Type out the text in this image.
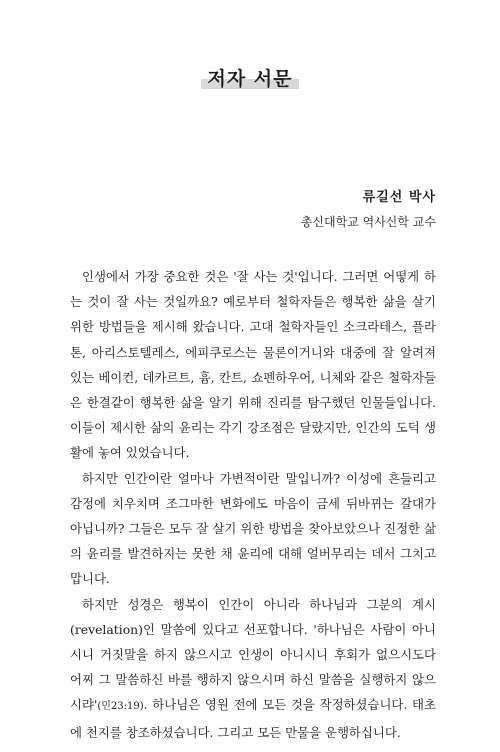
저자 서문
류길선 박사
총신대학교 역사신학 교수

인생에서 가장 중요한 것은 '잘 사는 것'입니다. 그러면 어떻게 하는 것이 잘 사는 것일까요? 예로부터 철학자들은 행복한 삶을 살기 위한 방법들을 제시해 왔습니다. 고대 철학자들인 소크라테스, 플라톤, 아리스토텔레스, 에피쿠로스는 물론이거니와 대중에 잘 알려져 있는 베이컨, 데카르트, 흄, 칸트, 쇼펜하우어, 니체와 같은 철학자들은 한결같이 행복한 삶을 알기 위해 진리를 탐구했던 인물들입니다. 이들이 제시한 삶의 윤리는 각기 강조점은 달랐지만, 인간의 도덕 생활에 놓여 있었습니다.

하지만 인간이란 얼마나 가변적이란 말입니까? 이성에 흔들리고 감정에 치우치며 조그마한 변화에도 마음이 금세 뒤바뀌는 갈대가 아닙니까? 그들은 모두 잘 살기 위한 방법을 찾아보았으나 진정한 삶의 윤리를 발견하지는 못한 채 윤리에 대해 얼버무리는 데서 그치고 맙니다.

하지만 성경은 행복이 인간이 아니라 하나님과 그분의 계시(revelation)인 말씀에 있다고 선포합니다. '하나님은 사람이 아니시니 거짓말을 하지 않으시고 인생이 아니시니 후회가 없으시도다 어찌 그 말씀하신 바를 행하지 않으시며 하신 말씀을 실행하지 않으시랴'(민23:19). 하나님은 영원 전에 모든 것을 작정하셨습니다. 태초에 천지를 창조하셨습니다. 그리고 모든 만물을 운행하십니다.
